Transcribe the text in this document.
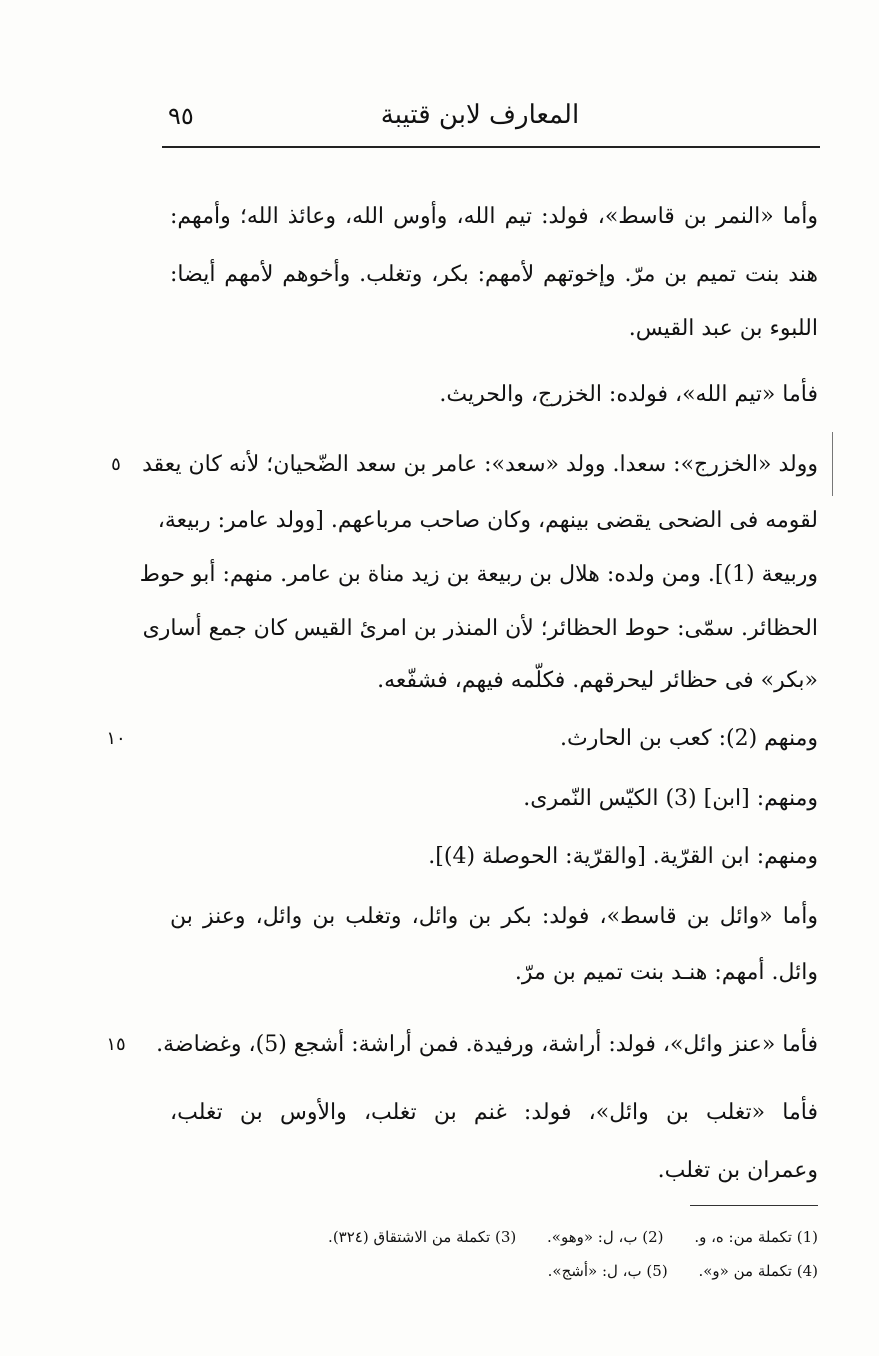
المعارف لابن قتيبة
٩٥
وأما «النمر بن قاسط»، فولد: تيم الله، وأوس الله، وعائذ الله؛ وأمهم:
هند بنت تميم بن مرّ. وإخوتهم لأمهم: بكر، وتغلب. وأخوهم لأمهم أيضا:
اللبوء بن عبد القيس.
فأما «تيم الله»، فولده: الخزرج، والحريث.
وولد «الخزرج»: سعدا. وولد «سعد»: عامر بن سعد الضّحيان؛ لأنه كان يعقد
لقومه فى الضحى يقضى بينهم، وكان صاحب مرباعهم. [وولد عامر: ربيعة،
وربيعة (1)]. ومن ولده: هلال بن ربيعة بن زيد مناة بن عامر. منهم: أبو حوط
الحظائر. سمّى: حوط الحظائر؛ لأن المنذر بن امرئ القيس كان جمع أسارى
«بكر» فى حظائر ليحرقهم. فكلّمه فيهم، فشفّعه.
ومنهم (2): كعب بن الحارث.
ومنهم: [ابن] (3) الكيّس النّمرى.
ومنهم: ابن القرّية. [والقرّية: الحوصلة (4)].
وأما «وائل بن قاسط»، فولد: بكر بن وائل، وتغلب بن وائل، وعنز بن
وائل. أمهم: هنـد بنت تميم بن مرّ.
فأما «عنز وائل»، فولد: أراشة، ورفيدة. فمن أراشة: أشجع (5)، وغضاضة.
فأما «تغلب بن وائل»، فولد: غنم بن تغلب، والأوس بن تغلب،
وعمران بن تغلب.
٥
١٠
١٥
(1) تكملة من: ه، و. (2) ب، ل: «وهو». (3) تكملة من الاشتقاق (٣٢٤).
(4) تكملة من «و». (5) ب، ل: «أشج».
